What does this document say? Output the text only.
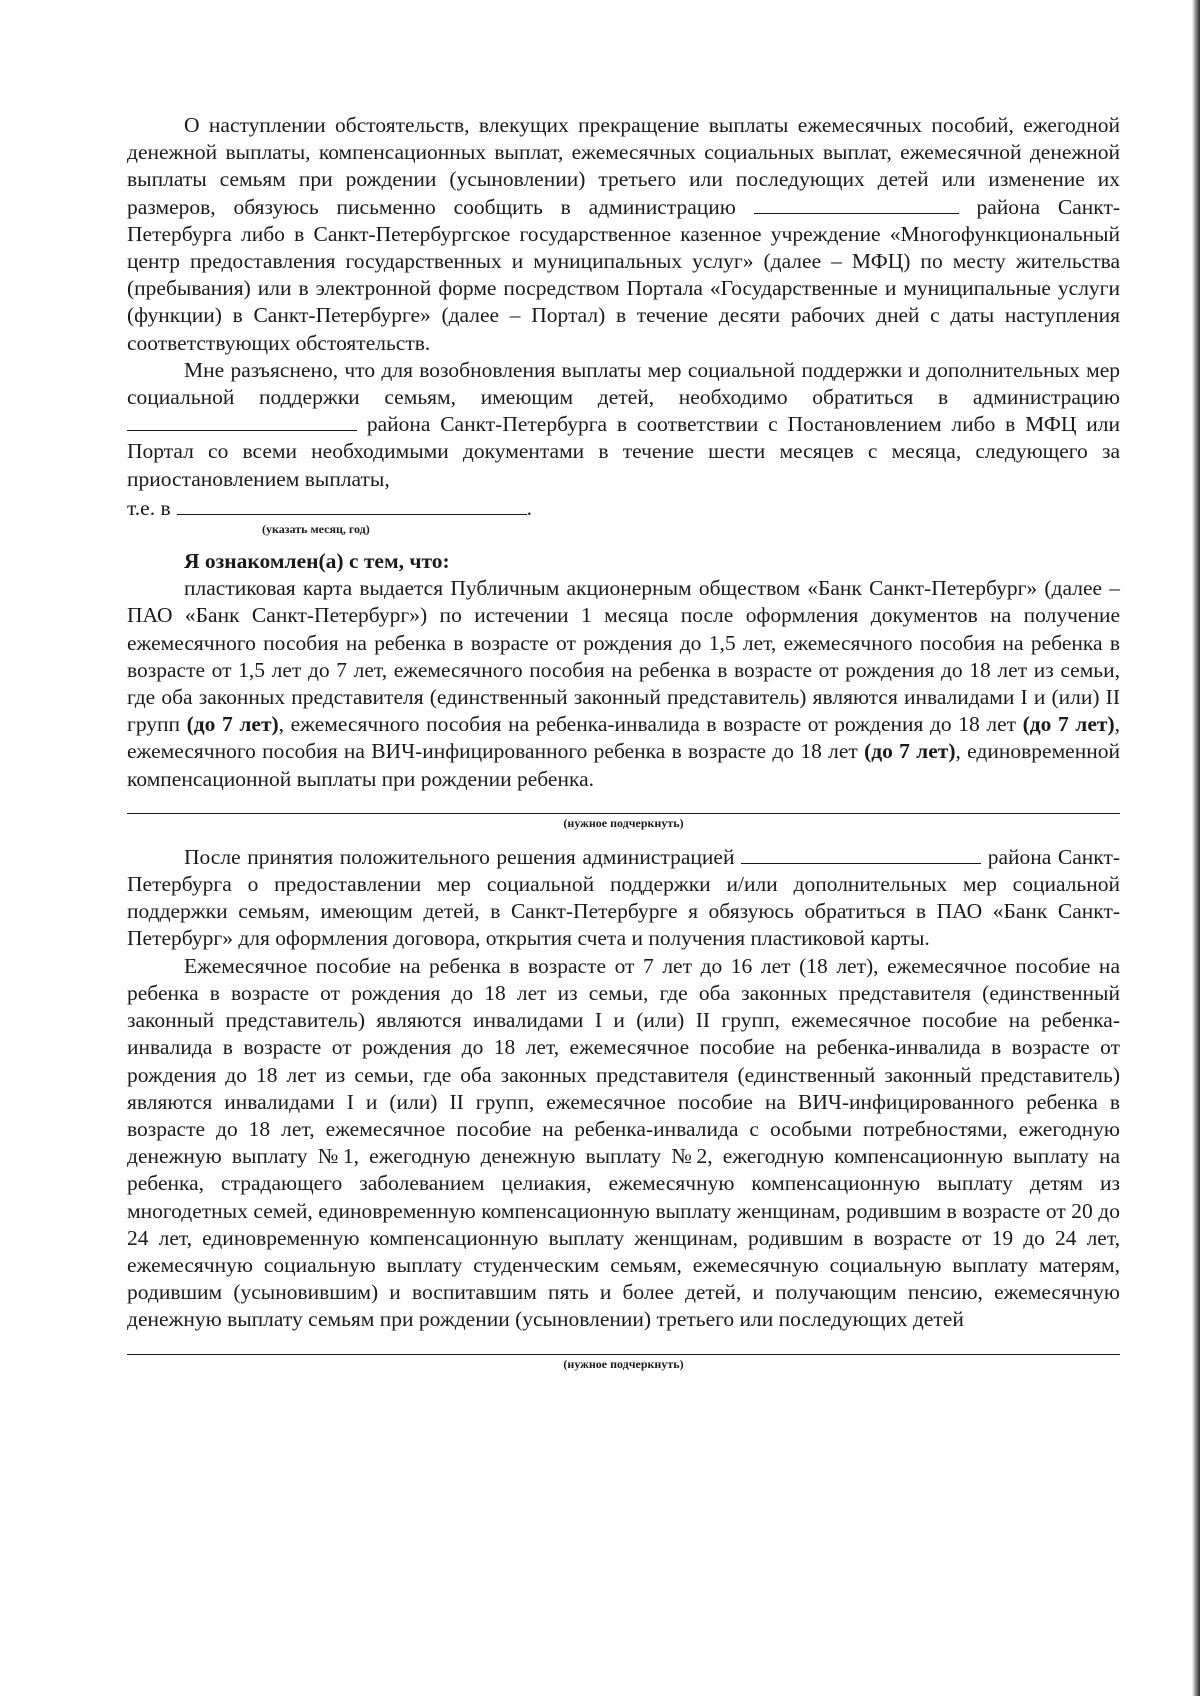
О наступлении обстоятельств, влекущих прекращение выплаты ежемесячных пособий, ежегодной денежной выплаты, компенсационных выплат, ежемесячных социальных выплат, ежемесячной денежной выплаты семьям при рождении (усыновлении) третьего или последующих детей или изменение их размеров, обязуюсь письменно сообщить в администрацию	района Санкт-Петербурга либо в Санкт-Петербургское государственное казенное учреждение «Многофункциональный центр предоставления государственных и муниципальных услуг» (далее – МФЦ) по месту жительства (пребывания) или в электронной форме посредством Портала «Государственные и муниципальные услуги (функции) в Санкт-Петербурге» (далее – Портал) в течение десяти рабочих дней с даты наступления соответствующих обстоятельств.

Мне разъяснено, что для возобновления выплаты мер социальной поддержки и дополнительных мер социальной поддержки семьям, имеющим детей, необходимо обратиться в администрацию  района Санкт-Петербурга в соответствии с Постановлением либо в МФЦ или Портал со всеми необходимыми документами в течение шести месяцев с месяца, следующего за приостановлением выплаты,

т.е. в	.
(указать месяц, год)
Я ознакомлен(а) с тем, что:

пластиковая карта выдается Публичным акционерным обществом «Банк Санкт-Петербург» (далее – ПАО «Банк Санкт-Петербург») по истечении 1 месяца после оформления документов на получение ежемесячного пособия на ребенка в возрасте от рождения до 1,5 лет, ежемесячного пособия на ребенка в возрасте от 1,5 лет до 7 лет, ежемесячного пособия на ребенка в возрасте от рождения до 18 лет из семьи, где оба законных представителя (единственный законный представитель) являются инвалидами I и (или) II групп (до 7 лет), ежемесячного пособия на ребенка-инвалида в возрасте от рождения до 18 лет (до 7 лет), ежемесячного пособия на ВИЧ-инфицированного ребенка в возрасте до 18 лет (до 7 лет), единовременной компенсационной выплаты при рождении ребенка.

(нужное подчеркнуть)

После принятия положительного решения администрацией	района Санкт-Петербурга о предоставлении мер социальной поддержки и/или дополнительных мер социальной поддержки семьям, имеющим детей, в Санкт-Петербурге я обязуюсь обратиться в ПАО «Банк Санкт-Петербург» для оформления договора, открытия счета и получения пластиковой карты.

Ежемесячное пособие на ребенка в возрасте от 7 лет до 16 лет (18 лет), ежемесячное пособие на ребенка в возрасте от рождения до 18 лет из семьи, где оба законных представителя (единственный законный представитель) являются инвалидами I и (или) II групп, ежемесячное пособие на ребенка-инвалида в возрасте от рождения до 18 лет, ежемесячное пособие на ребенка-инвалида в возрасте от рождения до 18 лет из семьи, где оба законных представителя (единственный законный представитель) являются инвалидами I и (или) II групп, ежемесячное пособие на ВИЧ-инфицированного ребенка в возрасте до 18 лет, ежемесячное пособие на ребенка-инвалида с особыми потребностями, ежегодную денежную выплату №1, ежегодную денежную выплату №2, ежегодную компенсационную выплату на ребенка, страдающего заболеванием целиакия, ежемесячную компенсационную выплату детям из многодетных семей, единовременную компенсационную выплату женщинам, родившим в возрасте от 20 до 24 лет, единовременную компенсационную выплату женщинам, родившим в возрасте от 19 до 24 лет, ежемесячную социальную выплату студенческим семьям, ежемесячную социальную выплату матерям, родившим (усыновившим) и воспитавшим пять и более детей, и получающим пенсию, ежемесячную денежную выплату семьям при рождении (усыновлении) третьего или последующих детей

(нужное подчеркнуть)
